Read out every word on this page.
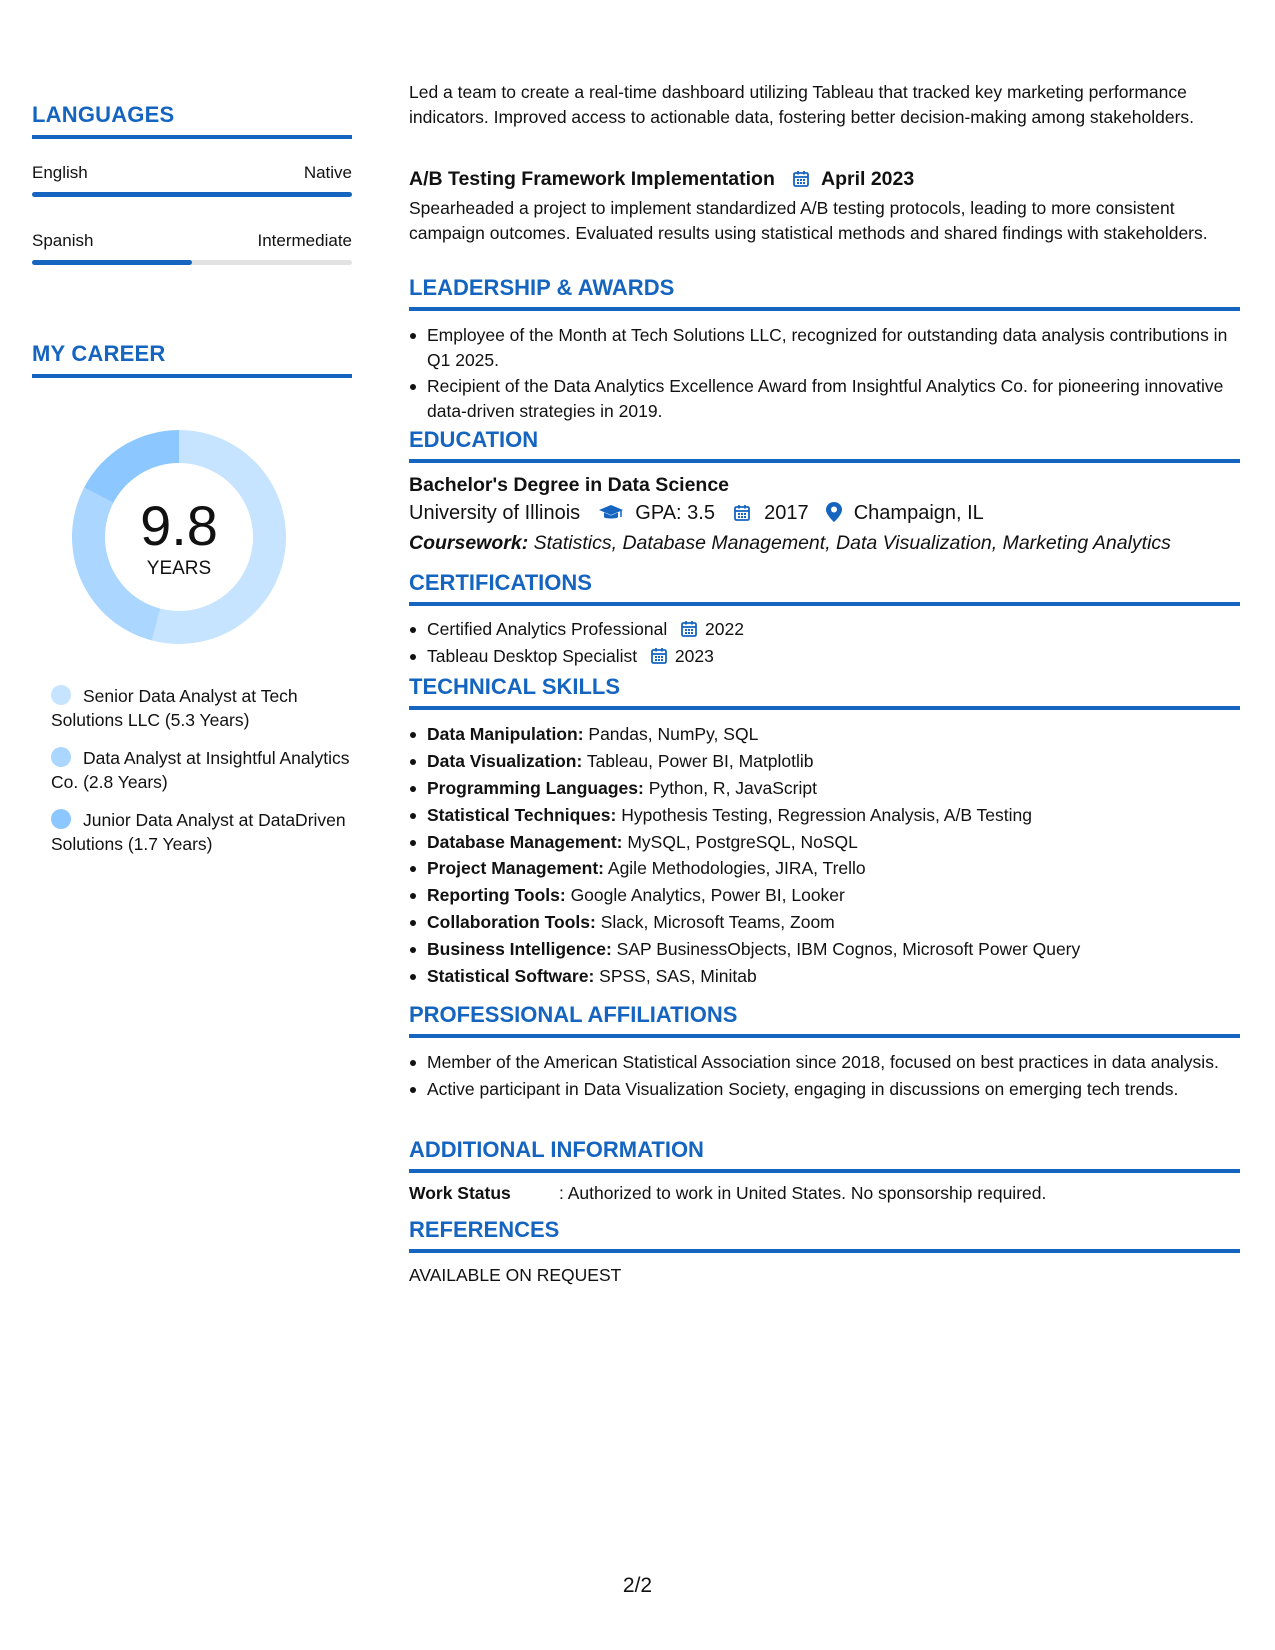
LANGUAGES
English	Native
Spanish	Intermediate
MY CAREER
9.8
YEARS
Senior Data Analyst at Tech Solutions LLC (5.3 Years)
Data Analyst at Insightful Analytics Co. (2.8 Years)
Junior Data Analyst at DataDriven Solutions (1.7 Years)

Led a team to create a real-time dashboard utilizing Tableau that tracked key marketing performance indicators. Improved access to actionable data, fostering better decision-making among stakeholders.

A/B Testing Framework Implementation April 2023

Spearheaded a project to implement standardized A/B testing protocols, leading to more consistent campaign outcomes. Evaluated results using statistical methods and shared findings with stakeholders.

LEADERSHIP & AWARDS
Employee of the Month at Tech Solutions LLC, recognized for outstanding data analysis contributions in Q1 2025.
Recipient of the Data Analytics Excellence Award from Insightful Analytics Co. for pioneering innovative data-driven strategies in 2019.
EDUCATION
Bachelor's Degree in Data Science
University of Illinois	GPA: 3.5 2017 Champaign, IL
Coursework: Statistics, Database Management, Data Visualization, Marketing Analytics
CERTIFICATIONS
Certified Analytics Professional 2022
Tableau Desktop Specialist 2023
TECHNICAL SKILLS
Data Manipulation: Pandas, NumPy, SQL
Data Visualization: Tableau, Power BI, Matplotlib
Programming Languages: Python, R, JavaScript
Statistical Techniques: Hypothesis Testing, Regression Analysis, A/B Testing
Database Management: MySQL, PostgreSQL, NoSQL
Project Management: Agile Methodologies, JIRA, Trello
Reporting Tools: Google Analytics, Power BI, Looker
Collaboration Tools: Slack, Microsoft Teams, Zoom
Business Intelligence: SAP BusinessObjects, IBM Cognos, Microsoft Power Query
Statistical Software: SPSS, SAS, Minitab
PROFESSIONAL AFFILIATIONS
Member of the American Statistical Association since 2018, focused on best practices in data analysis.
Active participant in Data Visualization Society, engaging in discussions on emerging tech trends.
ADDITIONAL INFORMATION
Work Status	: Authorized to work in United States. No sponsorship required.
REFERENCES
AVAILABLE ON REQUEST
2/2
